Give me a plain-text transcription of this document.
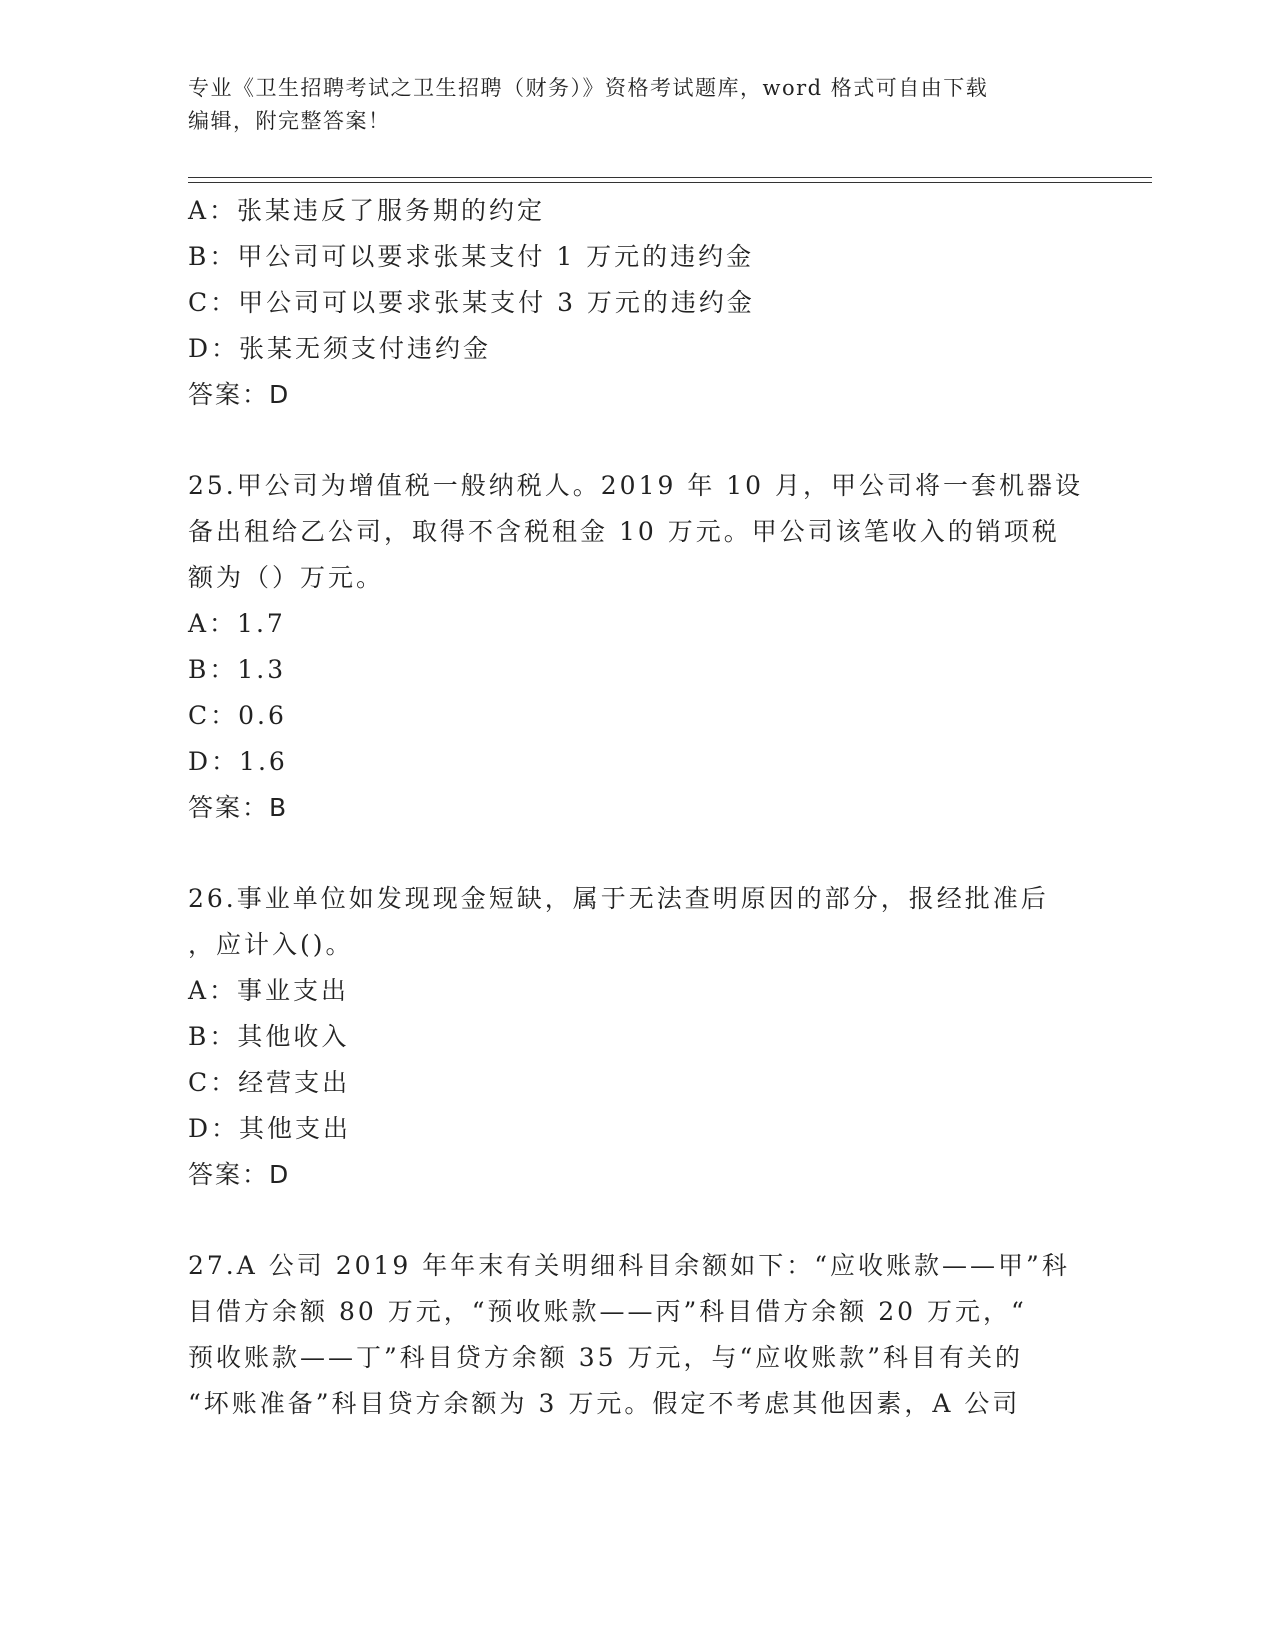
专业《卫生招聘考试之卫生招聘（财务）》资格考试题库，word 格式可自由下载
编辑，附完整答案！
A：张某违反了服务期的约定
B：甲公司可以要求张某支付 1 万元的违约金
C：甲公司可以要求张某支付 3 万元的违约金
D：张某无须支付违约金
答案：D
25.甲公司为增值税一般纳税人。2019 年 10 月，甲公司将一套机器设
备出租给乙公司，取得不含税租金 10 万元。甲公司该笔收入的销项税
额为（）万元。
A：1.7
B：1.3
C：0.6
D：1.6
答案：B
26.事业单位如发现现金短缺，属于无法查明原因的部分，报经批准后
，应计入()。
A：事业支出
B：其他收入
C：经营支出
D：其他支出
答案：D
27.A 公司 2019 年年末有关明细科目余额如下：“应收账款——甲”科
目借方余额 80 万元，“预收账款——丙”科目借方余额 20 万元，“
预收账款——丁”科目贷方余额 35 万元，与“应收账款”科目有关的
“坏账准备”科目贷方余额为 3 万元。假定不考虑其他因素，A 公司
